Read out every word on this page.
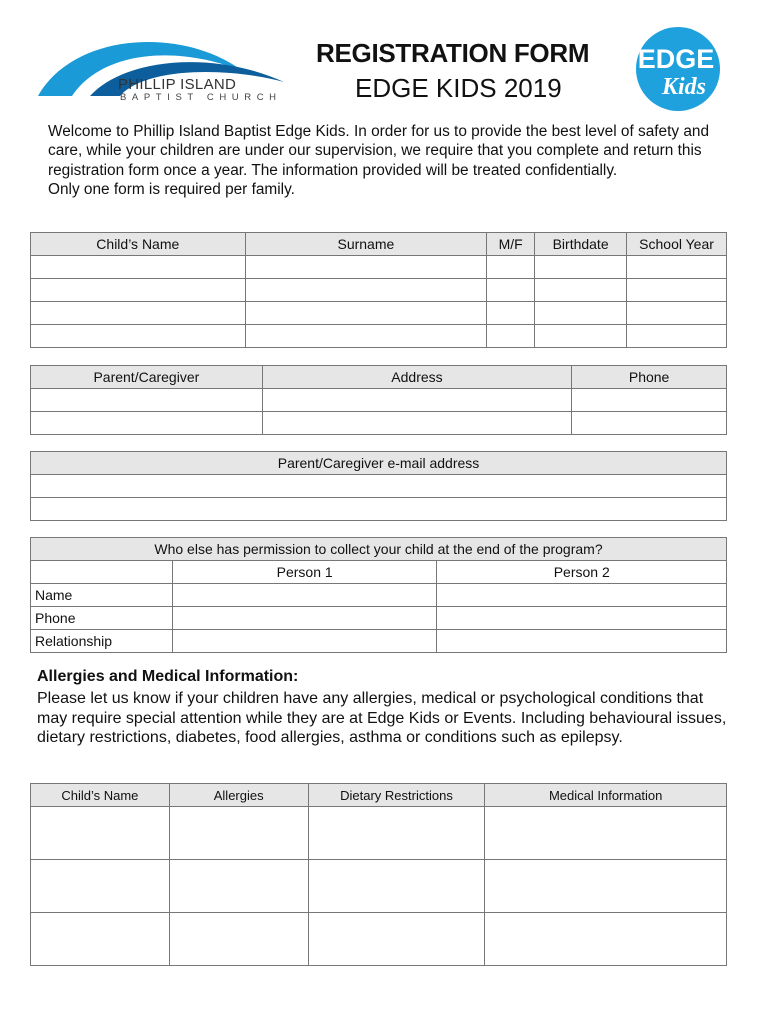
PHILLIP ISLAND
BAPTIST CHURCH
REGISTRATION FORM
EDGE KIDS 2019
EDGE
Kids

Welcome to Phillip Island Baptist Edge Kids. In order for us to provide the best level of safety and care, while your children are under our supervision, we require that you complete and return this registration form once a year. The information provided will be treated confidentially.

Only one form is required per family.

Child’s Name	Surname	M/F	Birthdate	School Year

Parent/Caregiver	Address	Phone

Parent/Caregiver e-mail address

Who else has permission to collect your child at the end of the program?		
	Person 1	Person 2
Name		
Phone		
Relationship		
Allergies and Medical Information:
Please let us know if your children have any allergies, medical or psychological conditions that may require special attention while they are at Edge Kids or Events. Including behavioural issues, dietary restrictions, diabetes, food allergies, asthma or conditions such as epilepsy.
Child’s Name	Allergies	Dietary Restrictions	Medical Information
